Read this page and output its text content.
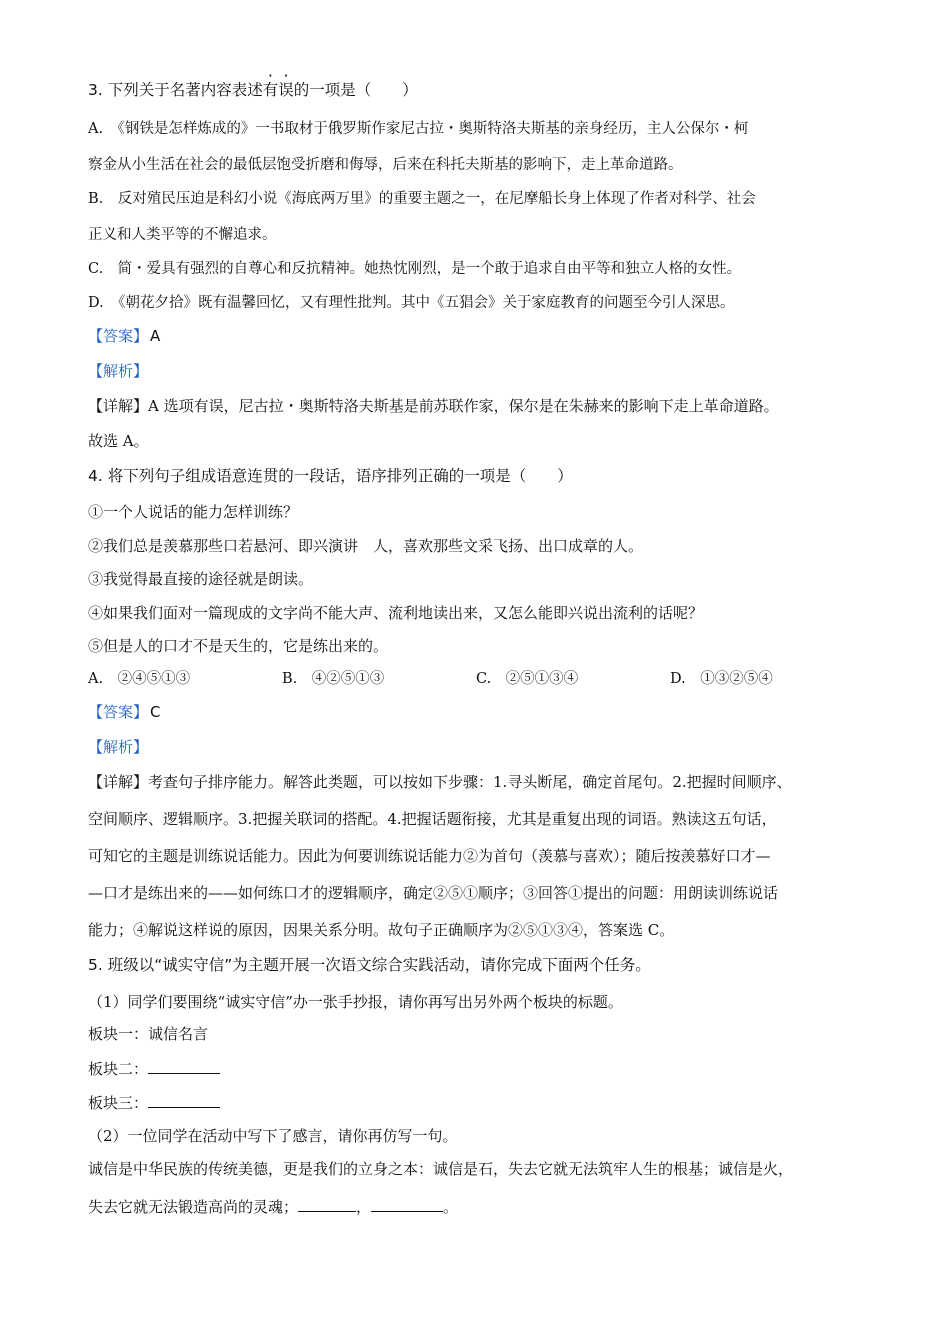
3. 下列关于名著内容表述有误的一项是（　　）
A.　《钢铁是怎样炼成的》一书取材于俄罗斯作家尼古拉・奥斯特洛夫斯基的亲身经历，主人公保尔・柯
察金从小生活在社会的最低层饱受折磨和侮辱，后来在科托夫斯基的影响下，走上革命道路。
B.　反对殖民压迫是科幻小说《海底两万里》的重要主题之一，在尼摩船长身上体现了作者对科学、社会
正义和人类平等的不懈追求。
C.　简・爱具有强烈的自尊心和反抗精神。她热忱刚烈，是一个敢于追求自由平等和独立人格的女性。
D.　《朝花夕拾》既有温馨回忆，又有理性批判。其中《五猖会》关于家庭教育的问题至今引人深思。
【答案】 A
【解析】
【详解】A 选项有误，尼古拉・奥斯特洛夫斯基是前苏联作家，保尔是在朱赫来的影响下走上革命道路。
故选 A。
4. 将下列句子组成语意连贯的一段话，语序排列正确的一项是（　　）
①一个人说话的能力怎样训练？
②我们总是羡慕那些口若悬河、即兴演讲　人，喜欢那些文采飞扬、出口成章的人。
③我觉得最直接的途径就是朗读。
④如果我们面对一篇现成的文字尚不能大声、流利地读出来，又怎么能即兴说出流利的话呢？
⑤但是人的口才不是天生的，它是练出来的。
A.　②④⑤①③	B.　④②⑤①③	C.　②⑤①③④	D.　①③②⑤④
【答案】 C
【解析】
【详解】考查句子排序能力。解答此类题，可以按如下步骤：1.寻头断尾，确定首尾句。2.把握时间顺序、
空间顺序、逻辑顺序。3.把握关联词的搭配。4.把握话题衔接，尤其是重复出现的词语。熟读这五句话，
可知它的主题是训练说话能力。因此为何要训练说话能力②为首句（羡慕与喜欢）；随后按羡慕好口才—
—口才是练出来的——如何练口才的逻辑顺序，确定②⑤①顺序；③回答①提出的问题：用朗读训练说话
能力；④解说这样说的原因，因果关系分明。故句子正确顺序为②⑤①③④，答案选 C。
5. 班级以“诚实守信”为主题开展一次语文综合实践活动，请你完成下面两个任务。
（1）同学们要围绕“诚实守信”办一张手抄报，请你再写出另外两个板块的标题。
板块一：诚信名言
板块二：
板块三：
（2）一位同学在活动中写下了感言，请你再仿写一句。
诚信是中华民族的传统美德，更是我们的立身之本：诚信是石，失去它就无法筑牢人生的根基；诚信是火，
失去它就无法锻造高尚的灵魂；	，	。
